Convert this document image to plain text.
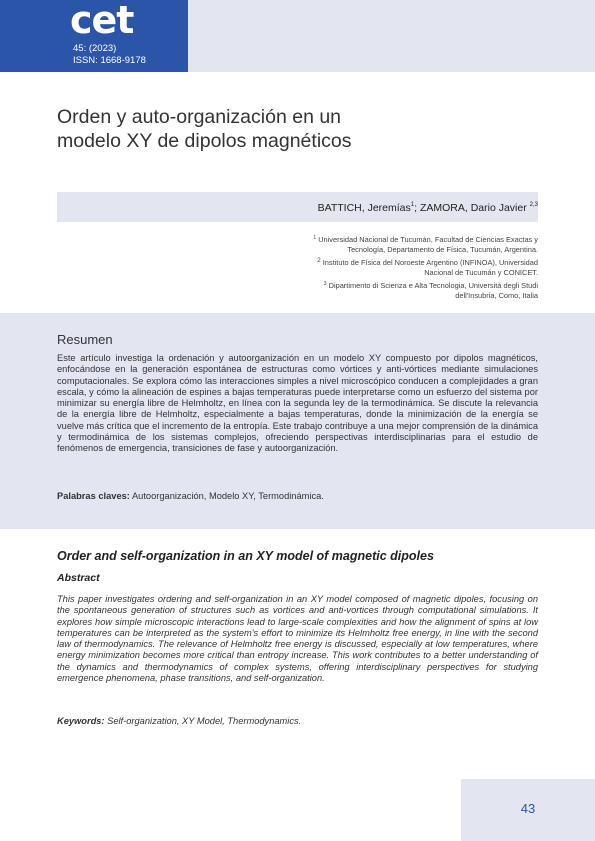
cet
45: (2023)
ISSN: 1668-9178
Orden y auto-organización en un
modelo XY de dipolos magnéticos
BATTICH, Jeremías$^1$; ZAMORA, Dario Javier $^{2,3}$
$^1$ Universidad Nacional de Tucumán, Facultad de Ciencias Exactas y
Tecnología, Departamento de Física, Tucumán, Argentina.
$^2$ Instituto de Física del Noroeste Argentino (INFINOA), Universidad
Nacional de Tucumán y CONICET.
$^3$ Dipartimento di Scienza e Alta Tecnologia, Università degli Studi
dell'Insubria, Como, Italia
Resumen
Este artículo investiga la ordenación y autoorganización en un modelo XY compuesto por dipolos magnéticos, enfocándose en la generación espontánea de estructuras como vórtices y anti-vórtices mediante simulaciones computacionales. Se explora cómo las interacciones simples a nivel microscópico conducen a complejidades a gran escala, y cómo la alineación de espines a bajas temperaturas puede interpretarse como un esfuerzo del sistema por minimizar su energía libre de Helmholtz, en línea con la segunda ley de la termodinámica. Se discute la relevancia de la energía libre de Helmholtz, especialmente a bajas temperaturas, donde la minimización de la energía se vuelve más crítica que el incremento de la entropía. Este trabajo contribuye a una mejor comprensión de la dinámica y termodinámica de los sistemas complejos, ofreciendo perspectivas interdisciplinarias para el estudio de fenómenos de emergencia, transiciones de fase y autoorganización.
Palabras claves: Autoorganización, Modelo XY, Termodinámica.
Order and self-organization in an XY model of magnetic dipoles
Abstract
This paper investigates ordering and self-organization in an XY model composed of magnetic dipoles, focusing on the spontaneous generation of structures such as vortices and anti-vortices through computational simulations. It explores how simple microscopic interactions lead to large-scale complexities and how the alignment of spins at low temperatures can be interpreted as the system's effort to minimize its Helmholtz free energy, in line with the second law of thermodynamics. The relevance of Helmholtz free energy is discussed, especially at low temperatures, where energy minimization becomes more critical than entropy increase. This work contributes to a better understanding of the dynamics and thermodynamics of complex systems, offering interdisciplinary perspectives for studying emergence phenomena, phase transitions, and self-organization.
Keywords: Self-organization, XY Model, Thermodynamics.
43
